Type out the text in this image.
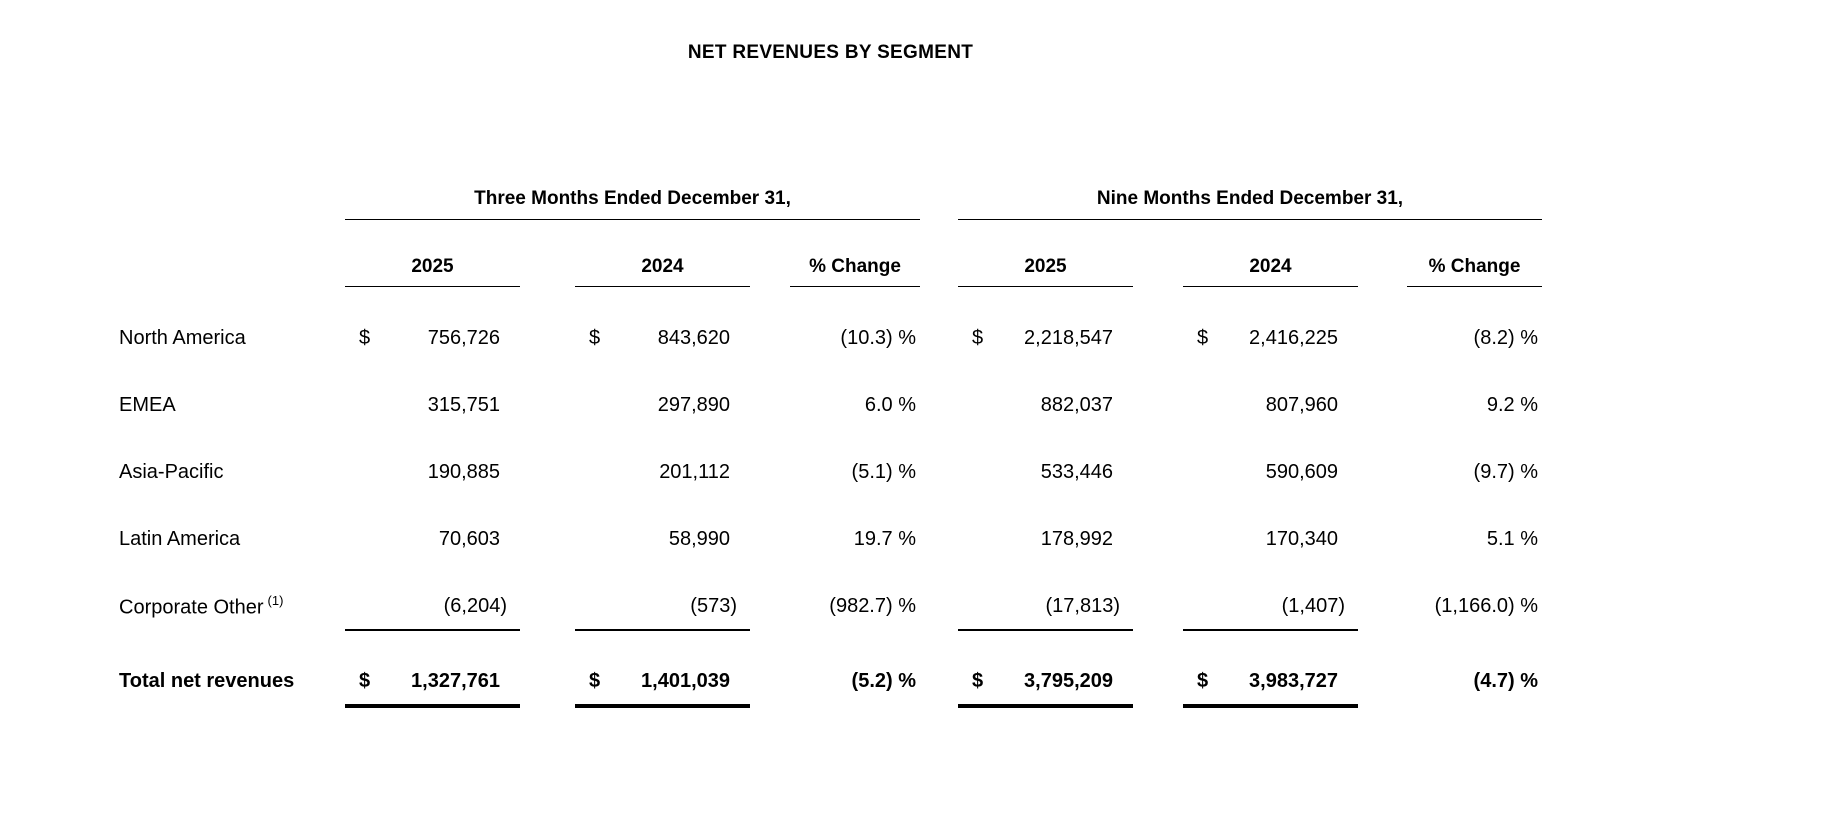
NET REVENUES BY SEGMENT
Three Months Ended December 31,	Nine Months Ended December 31,
2025	2024	% Change	2025	2024	% Change
North America	$	756,726	$	843,620	(10.3) %	$	2,218,547	$	2,416,225	(8.2) %
EMEA	315,751	297,890	6.0 %	882,037	807,960	9.2 %
Asia-Pacific	190,885	201,112	(5.1) %	533,446	590,609	(9.7) %
Latin America	70,603	58,990	19.7 %	178,992	170,340	5.1 %
Corporate Other $^{(1)}$	(6,204)	(573)	(982.7) %	(17,813)	(1,407)	(1,166.0) %
Total net revenues	$	1,327,761	$	1,401,039	(5.2) %	$	3,795,209	$	3,983,727	(4.7) %
